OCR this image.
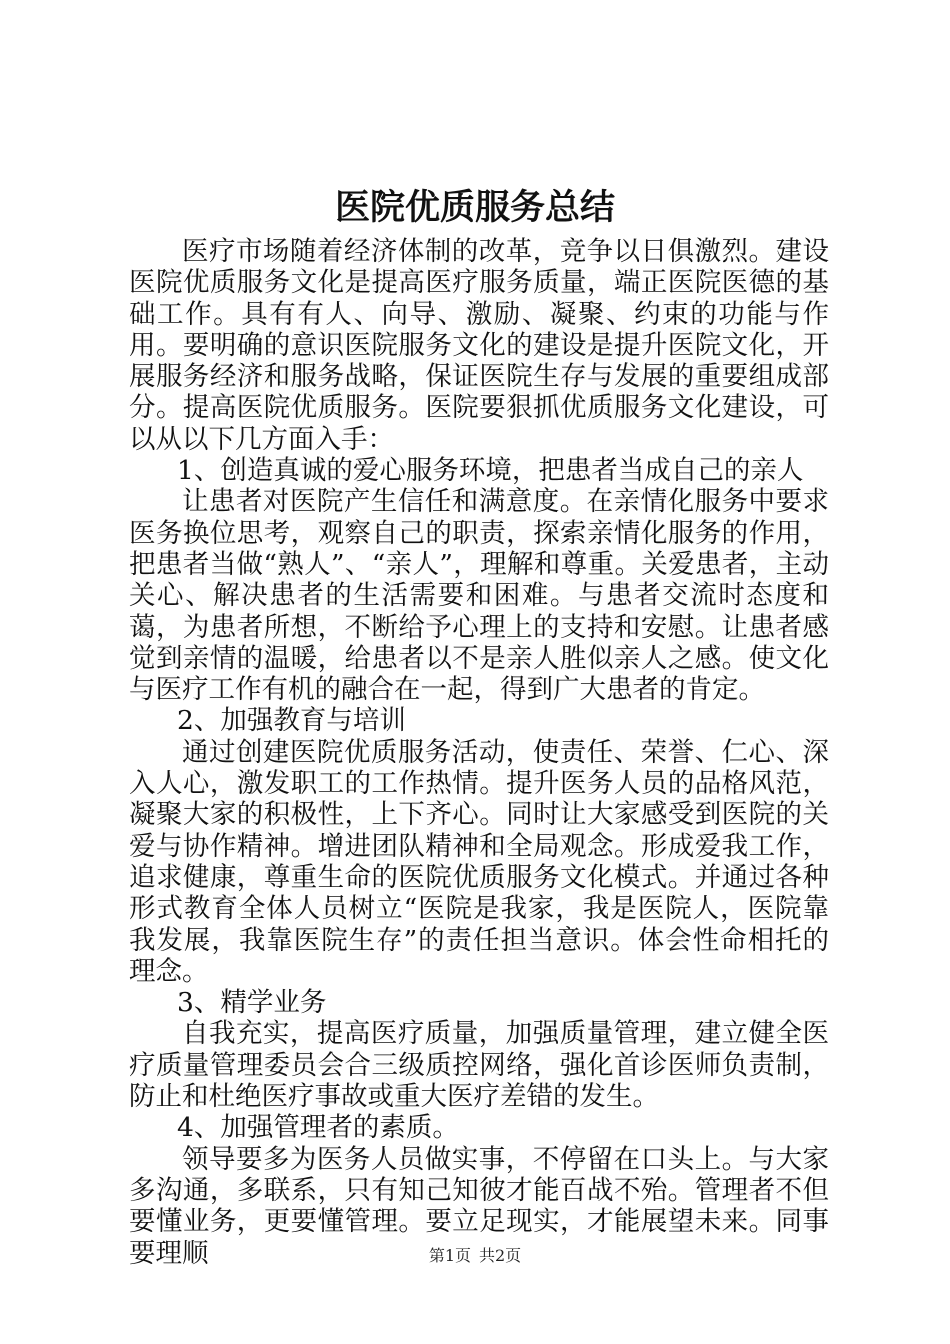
医院优质服务总结

医疗市场随着经济体制的改革，竞争以日俱激烈。建设医院优质服务文化是提高医疗服务质量，端正医院医德的基础工作。具有有人、向导、激励、凝聚、约束的功能与作用。要明确的意识医院服务文化的建设是提升医院文化，开展服务经济和服务战略，保证医院生存与发展的重要组成部分。提高医院优质服务。医院要狠抓优质服务文化建设，可以从以下几方面入手：

1、创造真诚的爱心服务环境，把患者当成自己的亲人

让患者对医院产生信任和满意度。在亲情化服务中要求医务换位思考，观察自己的职责，探索亲情化服务的作用，把患者当做“熟人”、“亲人”，理解和尊重。关爱患者，主动关心、解决患者的生活需要和困难。与患者交流时态度和蔼，为患者所想，不断给予心理上的支持和安慰。让患者感觉到亲情的温暖，给患者以不是亲人胜似亲人之感。使文化与医疗工作有机的融合在一起，得到广大患者的肯定。

2、加强教育与培训

通过创建医院优质服务活动，使责任、荣誉、仁心、深入人心，激发职工的工作热情。提升医务人员的品格风范，凝聚大家的积极性，上下齐心。同时让大家感受到医院的关爱与协作精神。增进团队精神和全局观念。形成爱我工作，追求健康，尊重生命的医院优质服务文化模式。并通过各种形式教育全体人员树立“医院是我家，我是医院人，医院靠我发展，我靠医院生存”的责任担当意识。体会性命相托的理念。

3、精学业务

自我充实，提高医疗质量，加强质量管理，建立健全医疗质量管理委员会合三级质控网络，强化首诊医师负责制，防止和杜绝医疗事故或重大医疗差错的发生。

4、加强管理者的素质。

领导要多为医务人员做实事，不停留在口头上。与大家多沟通，多联系，只有知己知彼才能百战不殆。管理者不但要懂业务，更要懂管理。要立足现实，才能展望未来。同事要理顺	第1页 共2页
